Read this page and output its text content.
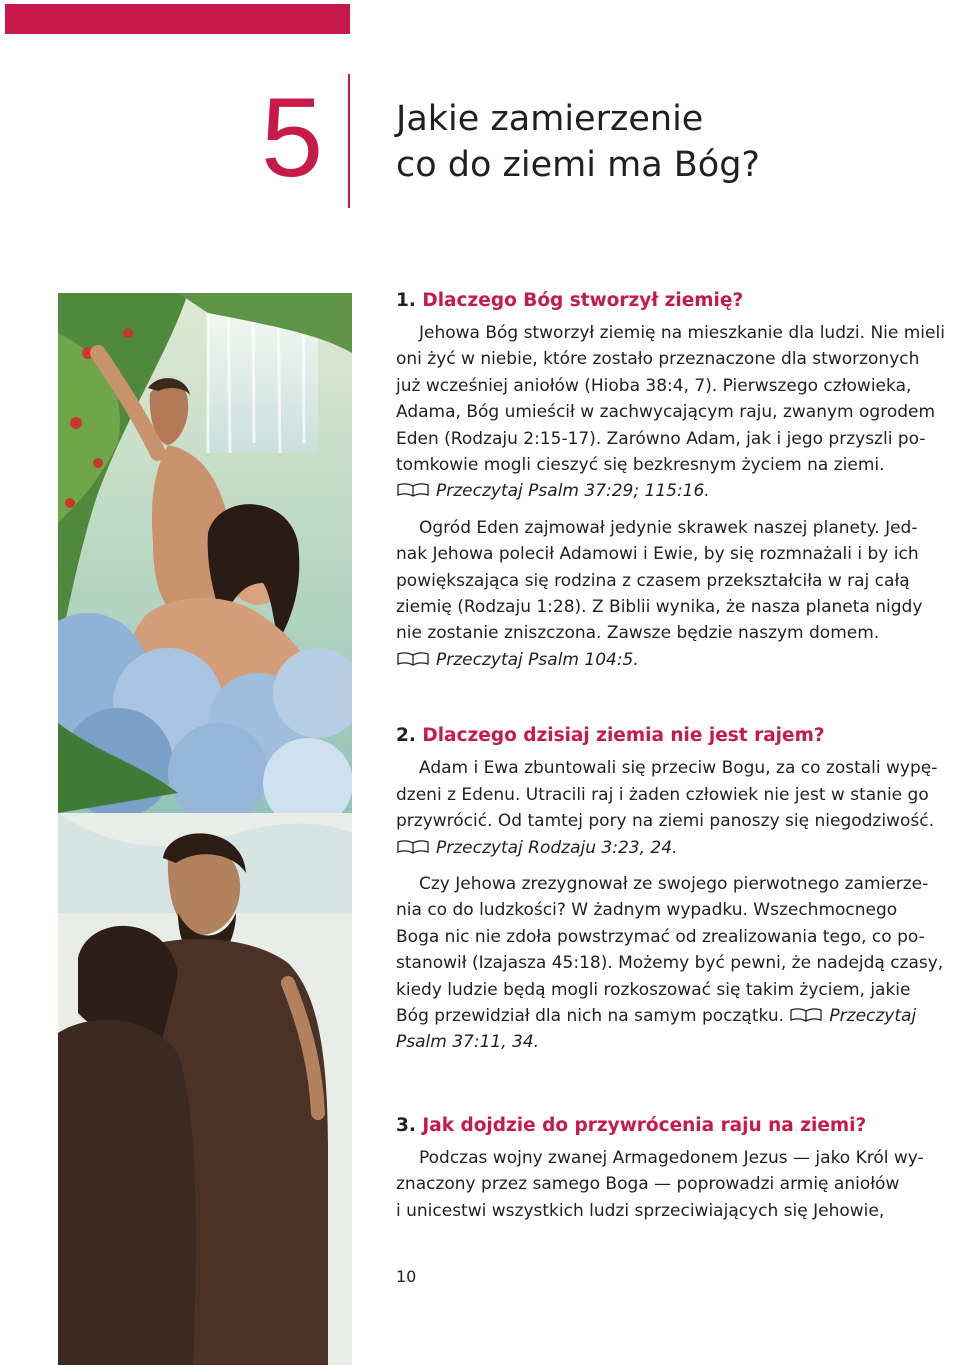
5 Jakie zamierzenie
co do ziemi ma Bóg?
1. Dlaczego Bóg stworzył ziemię?

Jehowa Bóg stworzył ziemię na mieszkanie dla ludzi. Nie mieli
oni żyć w niebie, które zostało przeznaczone dla stworzonych
już wcześniej aniołów (Hioba 38:4, 7). Pierwszego człowieka,
Adama, Bóg umieścił w zachwycającym raju, zwanym ogrodem
Eden (Rodzaju 2:15-17). Zarówno Adam, jak i jego przyszli po-
tomkowie mogli cieszyć się bezkresnym życiem na ziemi.
Przeczytaj Psalm 37:29; 115:16.

Ogród Eden zajmował jedynie skrawek naszej planety. Jed-
nak Jehowa polecił Adamowi i Ewie, by się rozmnażali i by ich
powiększająca się rodzina z czasem przekształciła w raj całą
ziemię (Rodzaju 1:28). Z Biblii wynika, że nasza planeta nigdy
nie zostanie zniszczona. Zawsze będzie naszym domem.
Przeczytaj Psalm 104:5.

2. Dlaczego dzisiaj ziemia nie jest rajem?

Adam i Ewa zbuntowali się przeciw Bogu, za co zostali wypę-
dzeni z Edenu. Utracili raj i żaden człowiek nie jest w stanie go
przywrócić. Od tamtej pory na ziemi panoszy się niegodziwość.
Przeczytaj Rodzaju 3:23, 24.

Czy Jehowa zrezygnował ze swojego pierwotnego zamierze-
nia co do ludzkości? W żadnym wypadku. Wszechmocnego
Boga nic nie zdoła powstrzymać od zrealizowania tego, co po-
stanowił (Izajasza 45:18). Możemy być pewni, że nadejdą czasy,
kiedy ludzie będą mogli rozkoszować się takim życiem, jakie
Bóg przewidział dla nich na samym początku.	Przeczytaj
Psalm 37:11, 34.

3. Jak dojdzie do przywrócenia raju na ziemi?

Podczas wojny zwanej Armagedonem Jezus — jako Król wy-
znaczony przez samego Boga — poprowadzi armię aniołów
i unicestwi wszystkich ludzi sprzeciwiających się Jehowie,

10
